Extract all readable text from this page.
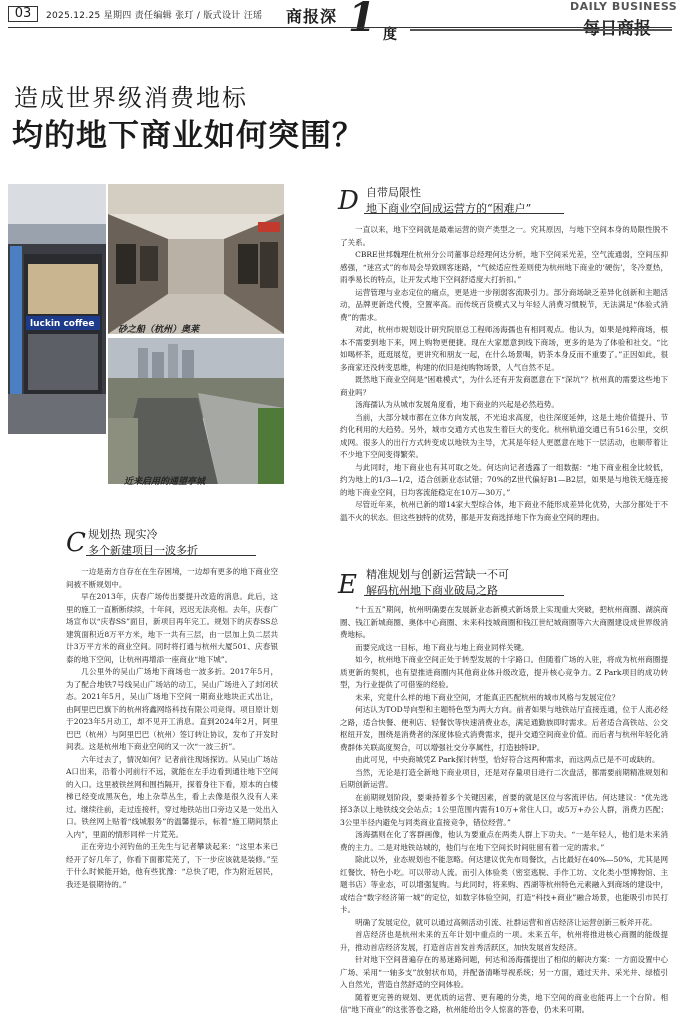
03	2025.12.25 星期四 责任编辑 张玎 / 版式设计 汪瑶 商报深 1 度
DAILY BUSINESS
每日商报
造成世界级消费地标
均的地下商业如何突围？
luckin coffee
砂之船（杭州）奥莱
近来启用的通望亭城
C 规划热 现实冷
多个新建项目一波多折
D 自带局限性
地下商业空间成运营方的“困难户”
E 精准规划与创新运营缺一不可
解码杭州地下商业破局之路

一边是南方自存在在生存困境，一边却有更多的地下商业空间被不断规划中。

早在2013年，庆春广场传出要提升改造的消息。此后，这里的施工一直断断续续，十年间，迟迟无法亮相。去年，庆春广场宣布以“庆春SS”面目，新项目再年完工。规划下的庆春SS总建筑面积近8万平方米，地下一共有三层，由一层加上负二层共计3万平方米的商业空间。同时将打通与杭州大厦501、庆春银泰的地下空间，让杭州再增添一座商业“地下城”。

几公里外的吴山广场地下商场也一波多折。2017年5月，为了配合地铁7号线吴山广场站的动工，吴山广场进入了封闭状态。2021年5月，吴山广场地下空间一期商业地块正式出让，由阿里巴巴旗下的杭州将鑫网络科技有限公司竞得。项目原计划于2023年5月动工，却不见开工消息。直到2024年2月，阿里巴巴（杭州）与阿里巴巴（杭州）签订转让协议，发布了开发时间表。这是杭州地下商业空间的又一次“一波三折”。

六年过去了，情况如何？记者前往现场探访。从吴山广场站A口出来，沿着小河前行不远，就能在左手边看到通往地下空间的入口。这里被铁丝网和围挡隔开，探着身往下看，原本的白楼梯已经变成黑灰色，地上杂草丛生，看上去像是很久没有人来过。继续往前，走过连接杆，穿过地铁站出口旁边又是一处出入口。铁丝网上贴着“线城服务”的温馨提示，标着“施工期间禁止入内”，里面的情形同样一片荒芜。

正在旁边小河钓鱼的王先生与记者攀谈起来：“这里本来已经开了好几年了，你看下面都荒芜了，下一步应该就是装修。”至于什么时候能开始，他有些犹豫：“总快了吧，作为附近居民，我还是很期待的。”

一直以来，地下空间就是最难运营的资产类型之一。究其原因，与地下空间本身的局限性脱不了关系。

CBRE世邦魏理仕杭州分公司董事总经理何达分析，地下空间采光差，空气流通弱，空间压抑感强，“迷宫式”的布局会导致顾客迷路，“气候适应性差则使为杭州地下商业的‘硬伤’，冬冷夏热，雨季易长的特点，让开发式地下空间舒适度大打折扣。”

运营管理与业态定位的痛点，更是进一步削弱客流吸引力。部分商场缺乏差异化创新和主题活动，品牌更新迭代慢，空置率高。而传统百货模式又与年轻人消费习惯脱节，无法满足“体验式消费”的需求。

对此，杭州市规划设计研究院原总工程师汤海孺也有相同观点。他认为，如果是纯粹商场，根本不需要到地下来，网上购物更便捷。现在大家愿意到线下商场，更多的是为了体验和社交。“比如喝杯茶，逛逛展览，更讲究和朋友一起，在什么场景喝，奶茶本身反而不重要了。”正因如此，很多商家还没转变思维，构建的依旧是纯购物场景，人气自然不足。

既然地下商业空间是“困难模式”，为什么还有开发商愿意在下“深坑”？杭州真的需要这些地下商业吗？

汤海孺认为从城市发展角度看，地下商业的兴起是必然趋势。

当前，大部分城市都在立体方向发展，不光追求高度，也往深度延伸，这是土地价值提升、节约化利用的大趋势。另外，城市交通方式也发生着巨大的变化。杭州轨道交通已有516公里，交织成网。很多人的出行方式转变成以地铁为主导，尤其是年轻人更愿意在地下一层活动，也顺带着让不少地下空间变得繁荣。

与此同时，地下商业也有其可取之处。何达向记者透露了一组数据：“地下商业租金比较低，约为地上的1/3—1/2，适合创新业态试错；70%的Z世代偏好B1—B2层，如果是与地铁无缝连接的地下商业空间，日均客流能稳定在10万—30万。”

尽管近年来，杭州已新的增14家大型综合体，地下商业不能形成差异化优势，大部分都处于不温不火的状态。但这些独特的优势，都是开发商选择地下作为商业空间的理由。

“十五五”期间，杭州明确要在发展新业态新模式新场景上实现重大突破，把杭州商圈、湖滨商圈、钱江新城商圈、奥体中心商圈、未来科技城商圈和钱江世纪城商圈等六大商圈建设成世界级消费地标。

而要完成这一目标，地下商业与地上商业同样关键。

如今，杭州地下商业空间正处于转型发展的十字路口。但随着广场的入驻，将成为杭州商圈提质更新的契机，也有望推进商圈内其他商业体升级改造，提升核心竞争力。Z Park项目的成功转型，为行业提供了可借鉴的经验。

未来，究竟什么样的地下商业空间，才能真正匹配杭州的城市风格与发展定位？

何达认为TOD导向型和主题特色型为两大方向。前者如果与地铁站厅直接连通，位于人流必经之路，适合快餐、便利店、轻餐饮等快速消费业态，满足通勤族即时需求。后者适合高铁站、公交枢纽开发，围绕是消费者的深度体验式消费需求，提升交通空间商业价值。而后者与杭州年轻化消费群体关联高度契合，可以增强社交分享属性，打造独特IP。

由此可见，中央商城凭Z Park探讨转型，恰好符合这两种需求，而这两点已是不可或缺的。

当然，无论是打造全新地下商业项目，还是对存量项目进行二次盘活，都需要前期精准规划和后期创新运营。

在前期规划阶段，要秉持着多个关键因素，首要的就是区位与客流评估。何达建议：“优先选择3条以上地铁线交会站点；1公里范围内需有10万+常住人口，或5万+办公人群，消费力匹配；3公里半径内避免与同类商业直接竞争，错位经营。”

汤海孺则在化了客群画像，他认为要重点在两类人群上下功夫。“一是年轻人，他们是未来消费的主力。二是对地铁站城的，他们与在地下空间长时间驻留有着一定的需求。”

除此以外，业态规划也不能忽略。何达建议优先布局餐饮，占比最好在40%—50%，尤其是网红餐饮、特色小吃。可以带动人流。而引入体验类（密室逃脱、手作工坊、文化类小型博物馆、主题书店）等业态，可以增强复购。与此同时，将来购、西湖等杭州特色元素融入到商场的建设中，或结合“数字经济第一城”的定位，如数字体验空间，打造“科技+商业”融合场景，也能吸引市民打卡。

明确了发展定位，就可以通过高频活动引流、社群运营和首店经济让运营创新三板斧开花。

首店经济也是杭州未来的五年计划中重点的一项。未来五年，杭州将推进核心商圈的能级提升，推动首店经济发展，打造首店首发首秀活跃区，加快发展首发经济。

针对地下空间普遍存在的易迷路问题，何达和汤海孺提出了相似的解决方案：一方面设置中心广场、采用“一轴多支”放射状布局，并配备清晰导视系统；另一方面，通过天井、采光井、绿植引入自然光，营造自然舒适的空间体验。

随着更完善的规划、更优质的运营、更有趣的分类，地下空间的商业也能再上一个台阶。相信“地下商业”的这张答卷之路，杭州能给出令人惊喜的答卷，仍未来可期。
